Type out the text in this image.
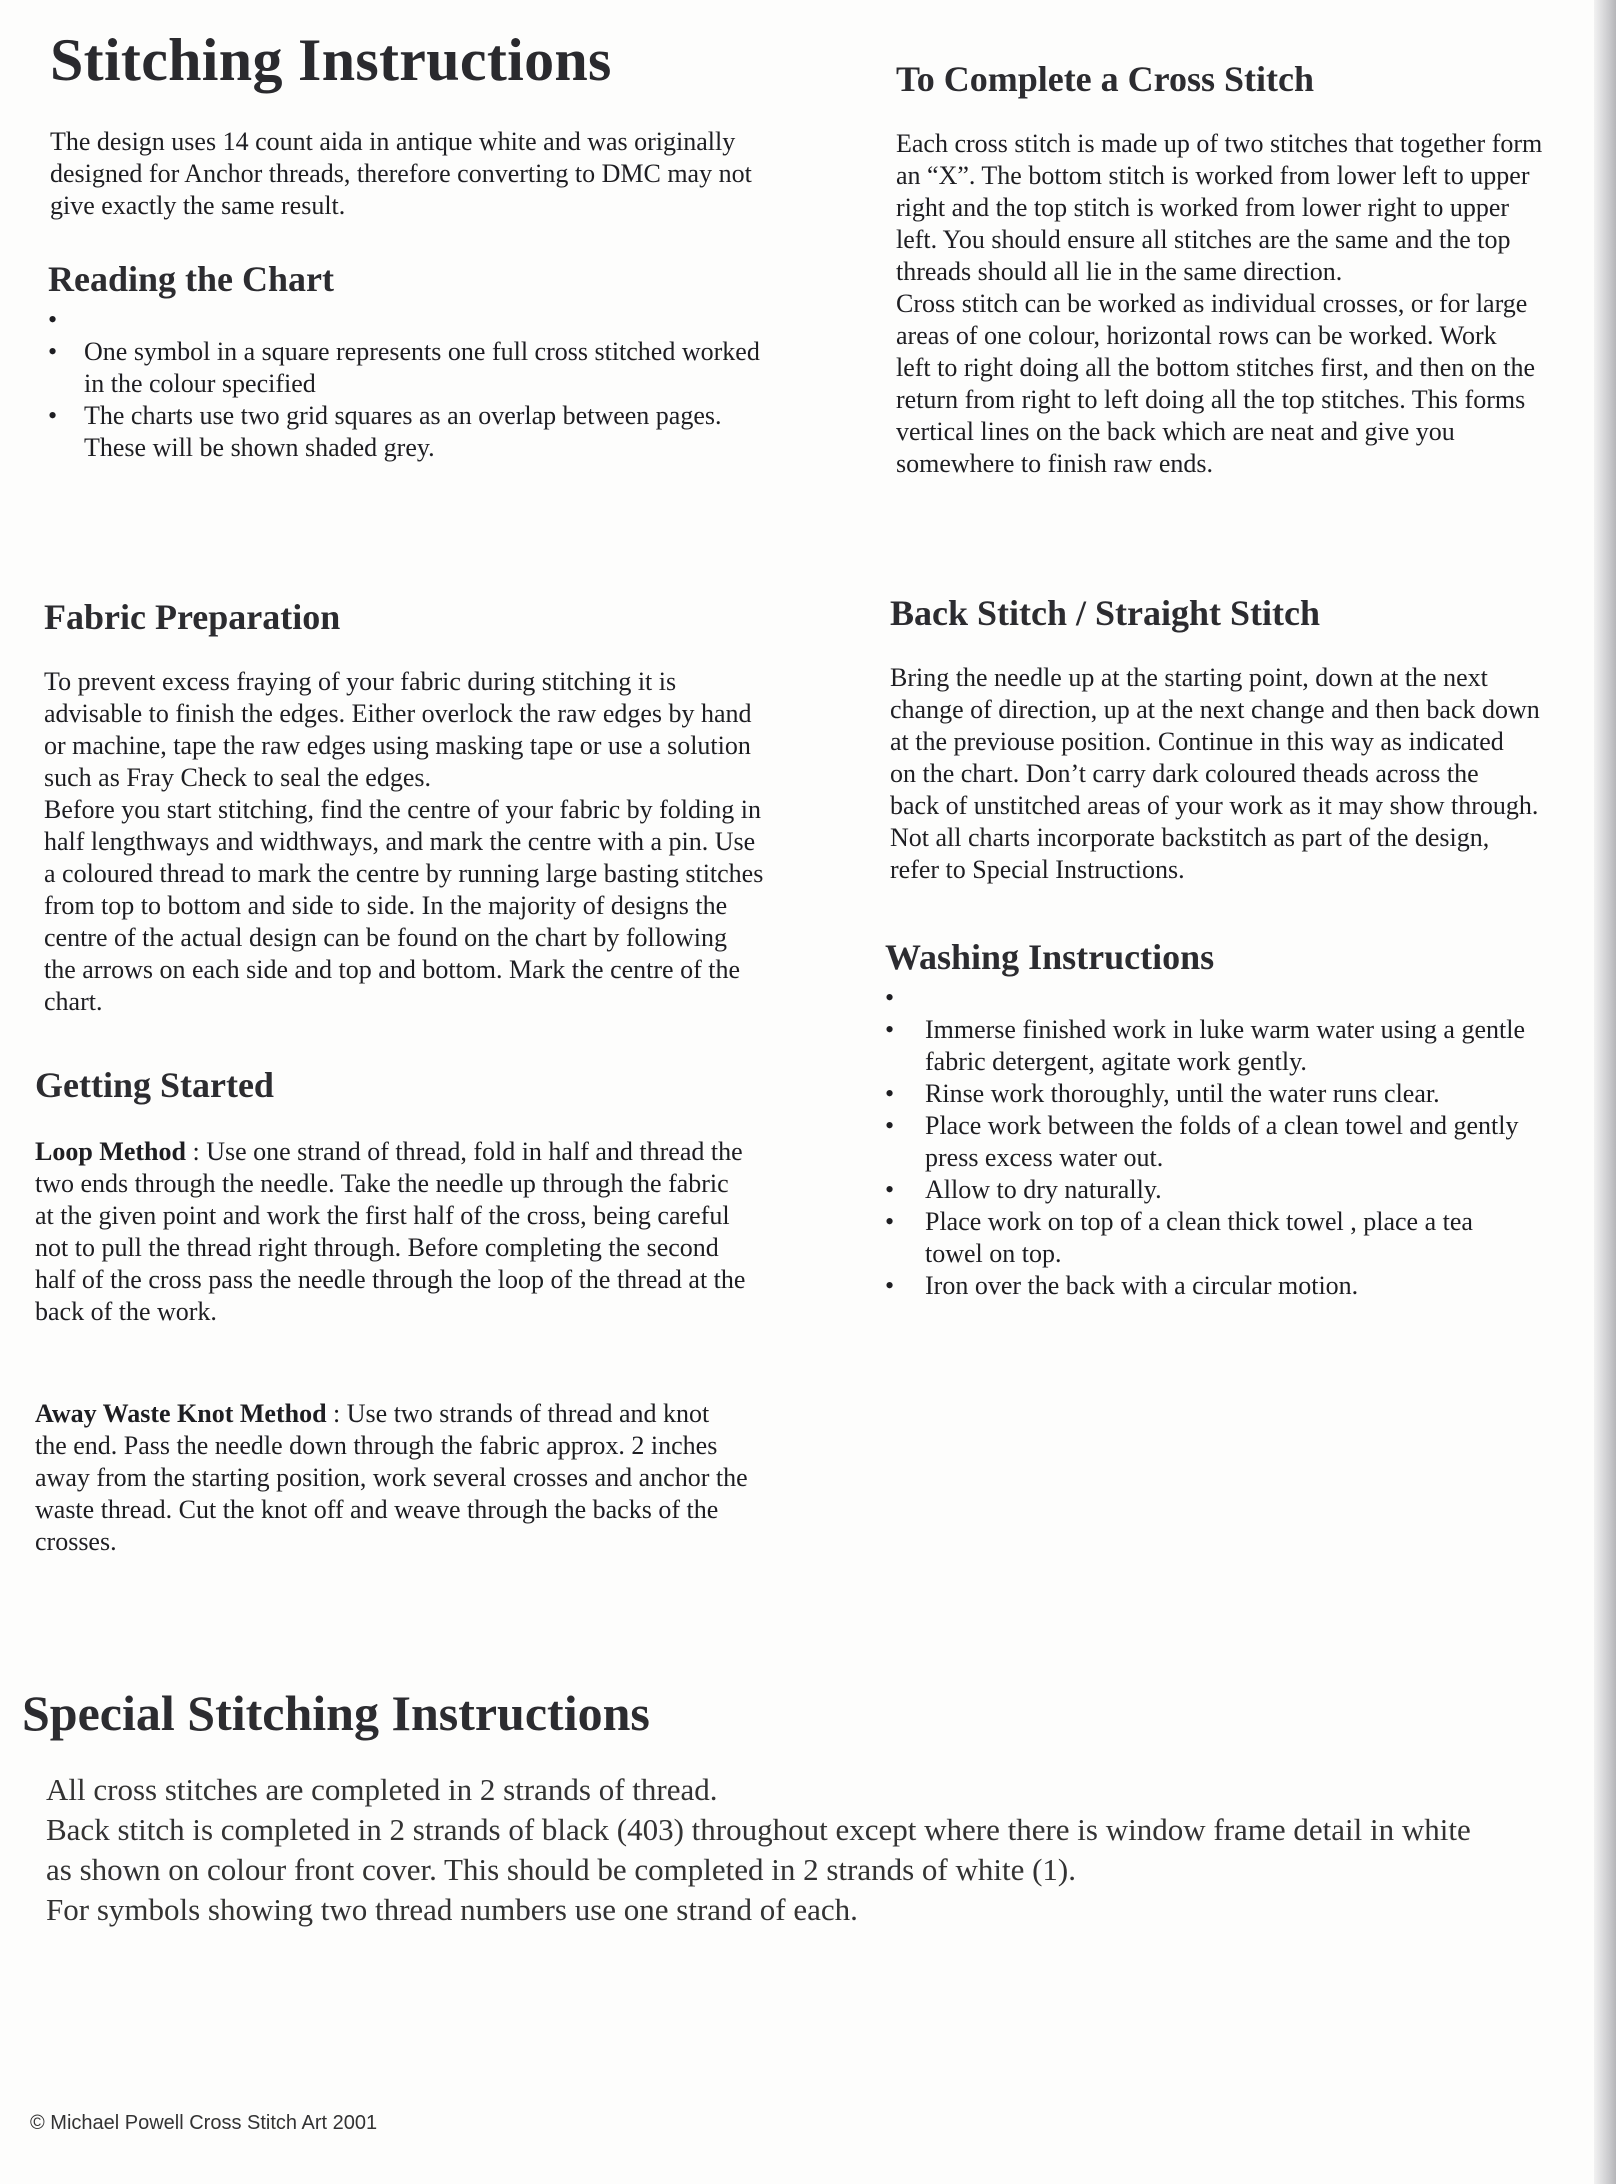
Stitching Instructions
The design uses 14 count aida in antique white and was originally
designed for Anchor threads, therefore converting to DMC may not
give exactly the same result.
Reading the Chart
•

• One symbol in a square represents one full cross stitched worked
in the colour specified
• The charts use two grid squares as an overlap between pages.
These will be shown shaded grey.
Fabric Preparation
To prevent excess fraying of your fabric during stitching it is
advisable to finish the edges. Either overlock the raw edges by hand
or machine, tape the raw edges using masking tape or use a solution
such as Fray Check to seal the edges.
Before you start stitching, find the centre of your fabric by folding in
half lengthways and widthways, and mark the centre with a pin. Use
a coloured thread to mark the centre by running large basting stitches
from top to bottom and side to side. In the majority of designs the
centre of the actual design can be found on the chart by following
the arrows on each side and top and bottom. Mark the centre of the
chart.
Getting Started
Loop Method : Use one strand of thread, fold in half and thread the
two ends through the needle. Take the needle up through the fabric
at the given point and work the first half of the cross, being careful
not to pull the thread right through. Before completing the second
half of the cross pass the needle through the loop of the thread at the
back of the work.
Away Waste Knot Method : Use two strands of thread and knot
the end. Pass the needle down through the fabric approx. 2 inches
away from the starting position, work several crosses and anchor the
waste thread. Cut the knot off and weave through the backs of the
crosses.
To Complete a Cross Stitch
Each cross stitch is made up of two stitches that together form
an “X”. The bottom stitch is worked from lower left to upper
right and the top stitch is worked from lower right to upper
left. You should ensure all stitches are the same and the top
threads should all lie in the same direction.
Cross stitch can be worked as individual crosses, or for large
areas of one colour, horizontal rows can be worked. Work
left to right doing all the bottom stitches first, and then on the
return from right to left doing all the top stitches. This forms
vertical lines on the back which are neat and give you
somewhere to finish raw ends.
Back Stitch / Straight Stitch
Bring the needle up at the starting point, down at the next
change of direction, up at the next change and then back down
at the previouse position. Continue in this way as indicated
on the chart. Don’t carry dark coloured theads across the
back of unstitched areas of your work as it may show through.
Not all charts incorporate backstitch as part of the design,
refer to Special Instructions.
Washing Instructions
•

• Immerse finished work in luke warm water using a gentle
fabric detergent, agitate work gently.
• Rinse work thoroughly, until the water runs clear.
• Place work between the folds of a clean towel and gently
press excess water out.
• Allow to dry naturally.
• Place work on top of a clean thick towel , place a tea
towel on top.
• Iron over the back with a circular motion.
Special Stitching Instructions
All cross stitches are completed in 2 strands of thread.
Back stitch is completed in 2 strands of black (403) throughout except where there is window frame detail in white
as shown on colour front cover. This should be completed in 2 strands of white (1).
For symbols showing two thread numbers use one strand of each.
© Michael Powell Cross Stitch Art 2001
